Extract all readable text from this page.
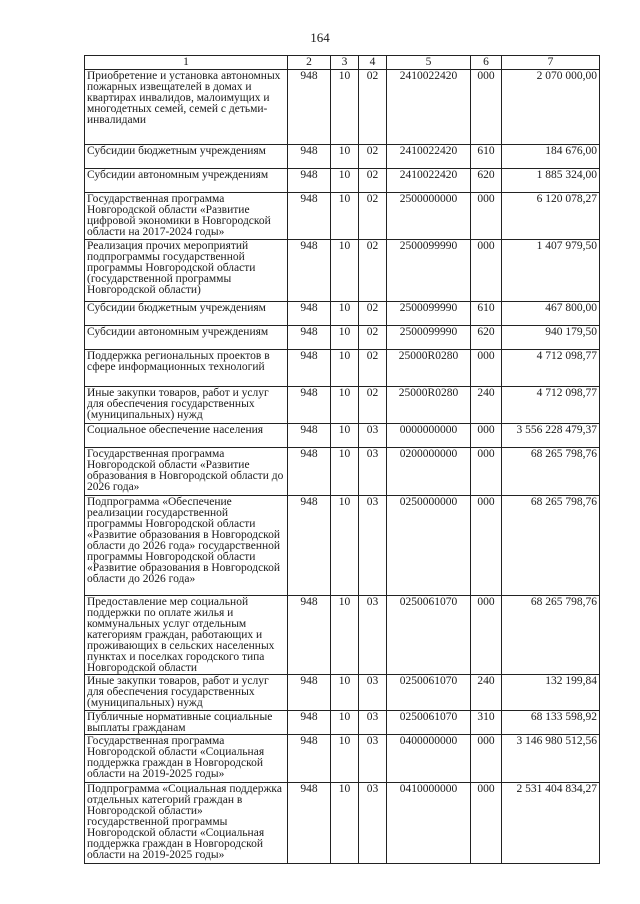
164
1	2	3	4	5	6	7
Приобретение и установка автономных пожарных извещателей в домах и квартирах инвалидов, малоимущих и многодетных семей, семей с детьми-инвалидами	948	10	02	2410022420	000	2 070 000,00
Субсидии бюджетным учреждениям	948	10	02	2410022420	610	184 676,00
Субсидии автономным учреждениям	948	10	02	2410022420	620	1 885 324,00
Государственная программа Новгородской области «Развитие цифровой экономики в Новгородской области на 2017-2024 годы»	948	10	02	2500000000	000	6 120 078,27
Реализация прочих мероприятий подпрограммы государственной программы Новгородской области (государственной программы Новгородской области)	948	10	02	2500099990	000	1 407 979,50
Субсидии бюджетным учреждениям	948	10	02	2500099990	610	467 800,00
Субсидии автономным учреждениям	948	10	02	2500099990	620	940 179,50
Поддержка региональных проектов в сфере информационных технологий	948	10	02	25000R0280	000	4 712 098,77
Иные закупки товаров, работ и услуг для обеспечения государственных (муниципальных) нужд	948	10	02	25000R0280	240	4 712 098,77
Социальное обеспечение населения	948	10	03	0000000000	000	3 556 228 479,37
Государственная программа Новгородской области «Развитие образования в Новгородской области до 2026 года»	948	10	03	0200000000	000	68 265 798,76
Подпрограмма «Обеспечение реализации государственной программы Новгородской области «Развитие образования в Новгородской области до 2026 года» государственной программы Новгородской области «Развитие образования в Новгородской области до 2026 года»	948	10	03	0250000000	000	68 265 798,76
Предоставление мер социальной поддержки по оплате жилья и коммунальных услуг отдельным категориям граждан, работающих и проживающих в сельских населенных пунктах и поселках городского типа Новгородской области	948	10	03	0250061070	000	68 265 798,76
Иные закупки товаров, работ и услуг для обеспечения государственных (муниципальных) нужд	948	10	03	0250061070	240	132 199,84
Публичные нормативные социальные выплаты гражданам	948	10	03	0250061070	310	68 133 598,92
Государственная программа Новгородской области «Социальная поддержка граждан в Новгородской области на 2019-2025 годы»	948	10	03	0400000000	000	3 146 980 512,56
Подпрограмма «Социальная поддержка отдельных категорий граждан в Новгородской области» государственной программы Новгородской области «Социальная поддержка граждан в Новгородской области на 2019-2025 годы»	948	10	03	0410000000	000	2 531 404 834,27
